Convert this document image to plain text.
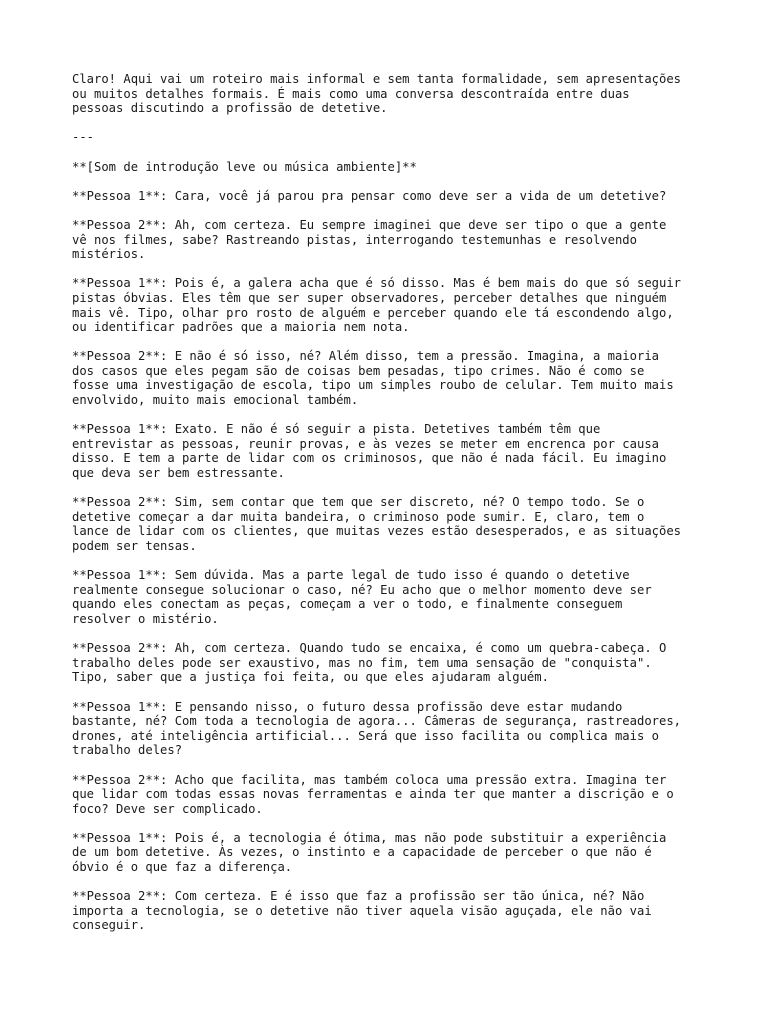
Claro! Aqui vai um roteiro mais informal e sem tanta formalidade, sem apresentações
ou muitos detalhes formais. É mais como uma conversa descontraída entre duas
pessoas discutindo a profissão de detetive.

---

**[Som de introdução leve ou música ambiente]**

**Pessoa 1**: Cara, você já parou pra pensar como deve ser a vida de um detetive?

**Pessoa 2**: Ah, com certeza. Eu sempre imaginei que deve ser tipo o que a gente
vê nos filmes, sabe? Rastreando pistas, interrogando testemunhas e resolvendo
mistérios.

**Pessoa 1**: Pois é, a galera acha que é só disso. Mas é bem mais do que só seguir
pistas óbvias. Eles têm que ser super observadores, perceber detalhes que ninguém
mais vê. Tipo, olhar pro rosto de alguém e perceber quando ele tá escondendo algo,
ou identificar padrões que a maioria nem nota.

**Pessoa 2**: E não é só isso, né? Além disso, tem a pressão. Imagina, a maioria
dos casos que eles pegam são de coisas bem pesadas, tipo crimes. Não é como se
fosse uma investigação de escola, tipo um simples roubo de celular. Tem muito mais
envolvido, muito mais emocional também.

**Pessoa 1**: Exato. E não é só seguir a pista. Detetives também têm que
entrevistar as pessoas, reunir provas, e às vezes se meter em encrenca por causa
disso. E tem a parte de lidar com os criminosos, que não é nada fácil. Eu imagino
que deva ser bem estressante.

**Pessoa 2**: Sim, sem contar que tem que ser discreto, né? O tempo todo. Se o
detetive começar a dar muita bandeira, o criminoso pode sumir. E, claro, tem o
lance de lidar com os clientes, que muitas vezes estão desesperados, e as situações
podem ser tensas.

**Pessoa 1**: Sem dúvida. Mas a parte legal de tudo isso é quando o detetive
realmente consegue solucionar o caso, né? Eu acho que o melhor momento deve ser
quando eles conectam as peças, começam a ver o todo, e finalmente conseguem
resolver o mistério.

**Pessoa 2**: Ah, com certeza. Quando tudo se encaixa, é como um quebra-cabeça. O
trabalho deles pode ser exaustivo, mas no fim, tem uma sensação de "conquista".
Tipo, saber que a justiça foi feita, ou que eles ajudaram alguém.

**Pessoa 1**: E pensando nisso, o futuro dessa profissão deve estar mudando
bastante, né? Com toda a tecnologia de agora... Câmeras de segurança, rastreadores,
drones, até inteligência artificial... Será que isso facilita ou complica mais o
trabalho deles?

**Pessoa 2**: Acho que facilita, mas também coloca uma pressão extra. Imagina ter
que lidar com todas essas novas ferramentas e ainda ter que manter a discrição e o
foco? Deve ser complicado.

**Pessoa 1**: Pois é, a tecnologia é ótima, mas não pode substituir a experiência
de um bom detetive. Às vezes, o instinto e a capacidade de perceber o que não é
óbvio é o que faz a diferença.

**Pessoa 2**: Com certeza. E é isso que faz a profissão ser tão única, né? Não
importa a tecnologia, se o detetive não tiver aquela visão aguçada, ele não vai
conseguir.
